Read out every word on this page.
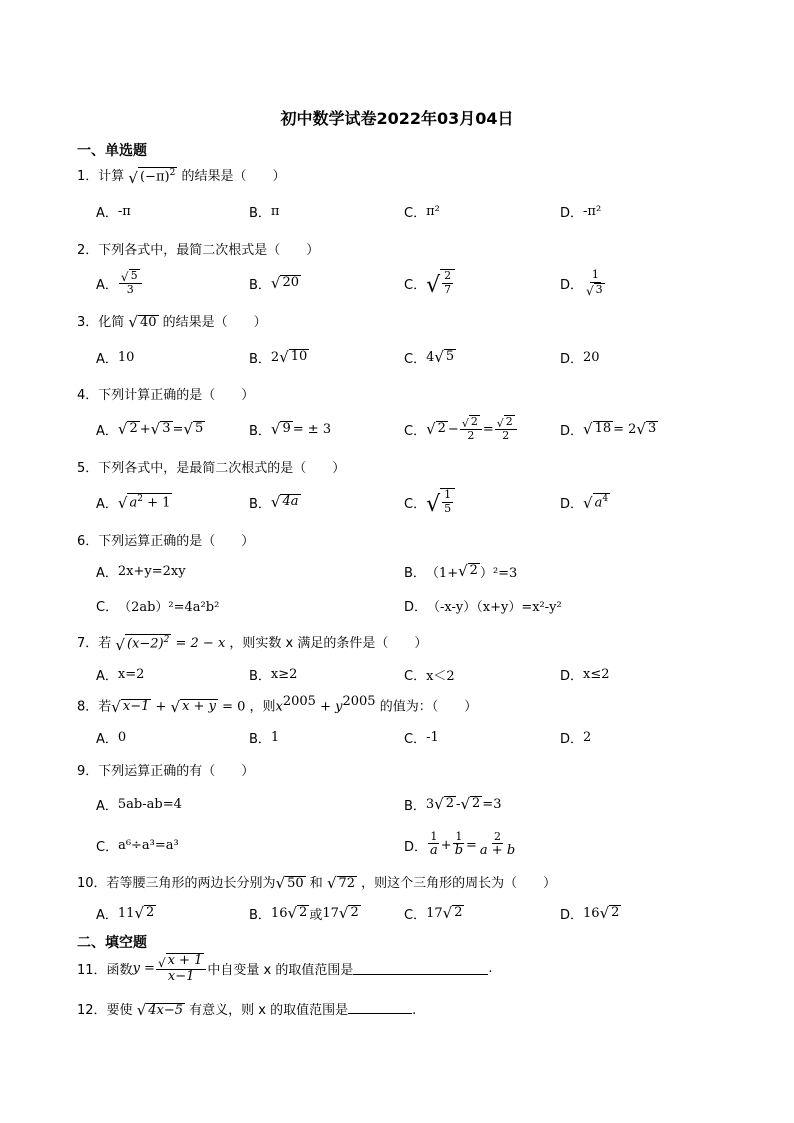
初中数学试卷2022年03月04日
一、单选题
1．计算 √ $(-\pi)^2$ 的结果是（　　）
A． -π	B． π	C． π²	D． -π²
2．下列各式中，最简二次根式是（　　）
A． $\frac{√ 5}{3}$	B． √ 20	C． √ $\frac{2}{7}$	D． $\frac{1}{√ 3}$
3．化简 √ 40 的结果是（　　）
A． 10	B． 2 √ 10	C． 4 √ 5	D． 20
4．下列计算正确的是（　　）
A． √ 2 + √ 3 = √ 5	B． √ 9 = ± 3	C． √ $2 - \frac{√ 2}{2} = \frac{√ 2}{2}$	D． √ 18 = 2 √ 3
5．下列各式中，是最简二次根式的是（　　）
A． √ $a^2 + 1$	B． √ 4a	C． √ $\frac{1}{5}$	D． √ $a^4$
6．下列运算正确的是（　　）
A． 2x+y=2xy	B． （1+ √ 2 ）²=3
C． （2ab）²=4a²b²	D． （-x-y）（x+y）=x²-y²
7．若 √ $(x-2)^2 = 2 - x$ ，则实数 x 满足的条件是（　　）
A． x=2	B． x≥2	C． x＜2	D． x≤2
8．若 √ x−1 + √ x + y = 0 ，则$x^{2005} + y^{2005}$ 的值为：（　　）
A． 0	B． 1	C． -1	D． 2
9．下列运算正确的有（　　）
A． 5ab-ab=4	B． 3 √ 2 - √ 2 =3
C． a⁶÷a³=a³	D． $\frac{1}{a} + \frac{1}{b} = \frac{2}{a + b}$
10．若等腰三角形的两边长分别为 √ 50 和 √ 72 ，则这个三角形的周长为（　　）
A． 11 √ 2	B． 16 √ 2 或 17 √ 2	C． 17 √ 2	D． 16 √ 2
二、填空题
11． 函数 $y = \frac{√ x + 1}{x-1}$ 中自变量 x 的取值范围是	.
12．要使 √ 4x−5 有意义，则 x 的取值范围是	.
